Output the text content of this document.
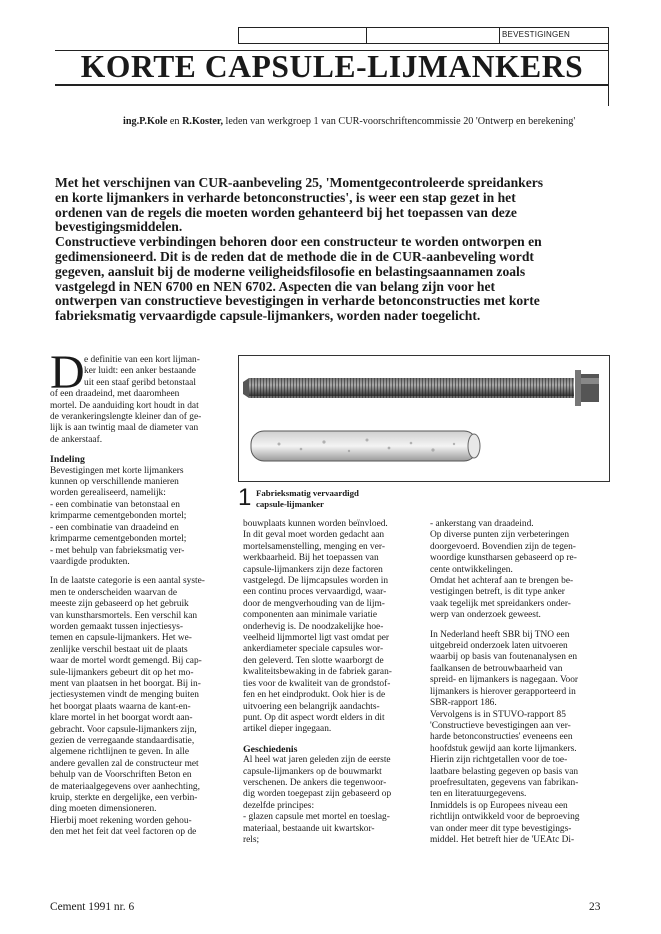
BEVESTIGINGEN
KORTE CAPSULE-LIJMANKERS
ing.P.Kole en R.Koster, leden van werkgroep 1 van CUR-voorschriftencommissie 20 'Ontwerp en berekening'

Met het verschijnen van CUR-aanbeveling 25, 'Momentgecontroleerde spreidankers

en korte lijmankers in verharde betonconstructies', is weer een stap gezet in het

ordenen van de regels die moeten worden gehanteerd bij het toepassen van deze

bevestigingsmiddelen.

Constructieve verbindingen behoren door een constructeur te worden ontworpen en

gedimensioneerd. Dit is de reden dat de methode die in de CUR-aanbeveling wordt

gegeven, aansluit bij de moderne veiligheidsfilosofie en belastingsaannamen zoals

vastgelegd in NEN 6700 en NEN 6702. Aspecten die van belang zijn voor het

ontwerpen van constructieve bevestigingen in verharde betonconstructies met korte

fabrieksmatig vervaardigde capsule-lijmankers, worden nader toegelicht.

D e definitie van een kort lijman-

ker luidt: een anker bestaande

uit een staaf geribd betonstaal

of een draadeind, met daaromheen

mortel. De aanduiding kort houdt in dat

de verankeringslengte kleiner dan of ge-

lijk is aan twintig maal de diameter van

de ankerstaaf.

Indeling

Bevestigingen met korte lijmankers

kunnen op verschillende manieren

worden gerealiseerd, namelijk:

- een combinatie van betonstaal en

krimparme cementgebonden mortel;

- een combinatie van draadeind en

krimparme cementgebonden mortel;

- met behulp van fabrieksmatig ver-

vaardigde produkten.

In de laatste categorie is een aantal syste-

men te onderscheiden waarvan de

meeste zijn gebaseerd op het gebruik

van kunstharsmortels. Een verschil kan

worden gemaakt tussen injectiesys-

temen en capsule-lijmankers. Het we-

zenlijke verschil bestaat uit de plaats

waar de mortel wordt gemengd. Bij cap-

sule-lijmankers gebeurt dit op het mo-

ment van plaatsen in het boorgat. Bij in-

jectiesystemen vindt de menging buiten

het boorgat plaats waarna de kant-en-

klare mortel in het boorgat wordt aan-

gebracht. Voor capsule-lijmankers zijn,

gezien de verregaande standaardisatie,

algemene richtlijnen te geven. In alle

andere gevallen zal de constructeur met

behulp van de Voorschriften Beton en

de materiaalgegevens over aanhechting,

kruip, sterkte en dergelijke, een verbin-

ding moeten dimensioneren.

Hierbij moet rekening worden gehou-

den met het feit dat veel factoren op de

1 Fabrieksmatig vervaardigd

capsule-lijmanker

bouwplaats kunnen worden beïnvloed.

In dit geval moet worden gedacht aan

mortelsamenstelling, menging en ver-

werkbaarheid. Bij het toepassen van

capsule-lijmankers zijn deze factoren

vastgelegd. De lijmcapsules worden in

een continu proces vervaardigd, waar-

door de mengverhouding van de lijm-

componenten aan minimale variatie

onderhevig is. De noodzakelijke hoe-

veelheid lijmmortel ligt vast omdat per

ankerdiameter speciale capsules wor-

den geleverd. Ten slotte waarborgt de

kwaliteitsbewaking in de fabriek garan-

ties voor de kwaliteit van de grondstof-

fen en het eindprodukt. Ook hier is de

uitvoering een belangrijk aandachts-

punt. Op dit aspect wordt elders in dit

artikel dieper ingegaan.

Geschiedenis

Al heel wat jaren geleden zijn de eerste

capsule-lijmankers op de bouwmarkt

verschenen. De ankers die tegenwoor-

dig worden toegepast zijn gebaseerd op

dezelfde principes:

- glazen capsule met mortel en toeslag-

materiaal, bestaande uit kwartskor-

rels;

- ankerstang van draadeind.

Op diverse punten zijn verbeteringen

doorgevoerd. Bovendien zijn de tegen-

woordige kunstharsen gebaseerd op re-

cente ontwikkelingen.

Omdat het achteraf aan te brengen be-

vestigingen betreft, is dit type anker

vaak tegelijk met spreidankers onder-

werp van onderzoek geweest.

In Nederland heeft SBR bij TNO een

uitgebreid onderzoek laten uitvoeren

waarbij op basis van foutenanalysen en

faalkansen de betrouwbaarheid van

spreid- en lijmankers is nagegaan. Voor

lijmankers is hierover gerapporteerd in

SBR-rapport 186.

Vervolgens is in STUVO-rapport 85

'Constructieve bevestigingen aan ver-

harde betonconstructies' eveneens een

hoofdstuk gewijd aan korte lijmankers.

Hierin zijn richtgetallen voor de toe-

laatbare belasting gegeven op basis van

proefresultaten, gegevens van fabrikan-

ten en literatuurgegevens.

Inmiddels is op Europees niveau een

richtlijn ontwikkeld voor de beproeving

van onder meer dit type bevestigings-

middel. Het betreft hier de 'UEAtc Di-

Cement 1991 nr. 6	23
